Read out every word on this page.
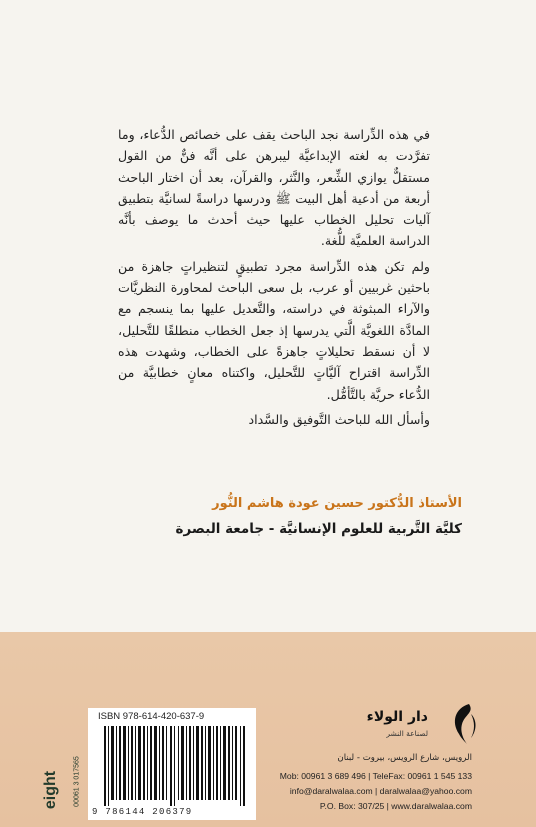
في هذه الدِّراسة نجد الباحث يقف على خصائص الدُّعاء، وما تفرَّدت به لغته الإبداعيَّة ليبرهن على أنَّه فنٌّ من القول مستقلٌّ يوازي الشِّعر، والنَّثر، والقرآن، بعد أن اختار الباحث أربعة من أدعية أهل البيت ﷺ ودرسها دراسةً لسانيَّة بتطبيق آليات تحليل الخطاب عليها حيث أحدث ما يوصف بأنَّه الدراسة العلميَّة للُّغة.

ولم تكن هذه الدِّراسة مجرد تطبيقٍ لتنظيراتٍ جاهزة من باحثين غربيين أو عرب، بل سعى الباحث لمحاورة النظريَّات والآراء المبثوثة في دراسته، والتَّعديل عليها بما ينسجم مع المادَّة اللغويَّة الَّتي يدرسها إذ جعل الخطاب منطلقًا للتَّحليل، لا أن نسقط تحليلاتٍ جاهزةً على الخطاب، وشهدت هذه الدِّراسة اقتراح آليَّاتٍ للتَّحليل، واكتناه معانٍ خطابيَّة من الدُّعاء حريَّة بالتَّأمُّل.

وأسأل الله للباحث التَّوفيق والسَّداد

الأستاذ الدُّكتور حسين عودة هاشم النُّور
كليَّة التَّربية للعلوم الإنسانيَّة - جامعة البصرة
eight 00061 3 017565
ISBN 978-614-420-637-9
9 786144 206379
دار الولاء
لصناعة النشر
الرويس، شارع الرويس، بيروت - لبنان
Mob: 00961 3 689 496 | TeleFax: 00961 1 545 133
info@daralwalaa.com | daralwalaa@yahoo.com
P.O. Box: 307/25 | www.daralwalaa.com
